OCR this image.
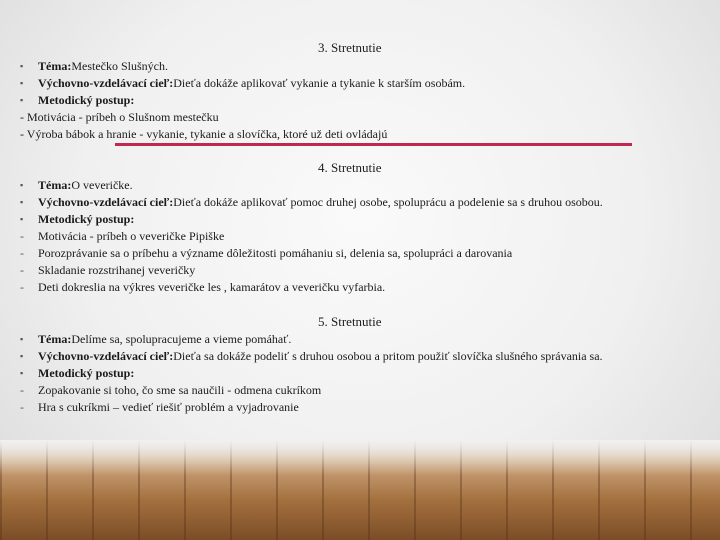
3. Stretnutie
▪	Téma: Mestečko Slušných.
▪	Výchovno-vzdelávací cieľ: Dieťa dokáže aplikovať vykanie a tykanie k starším osobám.
▪	Metodický postup:
- Motivácia - príbeh o Slušnom mestečku
- Výroba bábok a hranie - vykanie, tykanie a slovíčka, ktoré už deti ovládajú
4. Stretnutie
▪	Téma: O veveričke.
▪	Výchovno-vzdelávací cieľ: Dieťa dokáže aplikovať pomoc druhej osobe, spoluprácu a podelenie sa s druhou osobou.
▪	Metodický postup:
-	Motivácia - príbeh o veveričke Pipiške
-	Porozprávanie sa o príbehu a význame dôležitosti pomáhaniu si, delenia sa, spolupráci a darovania
-	Skladanie rozstrihanej veveričky
-	Deti dokreslia na výkres veveričke les , kamarátov a veveričku vyfarbia.
5. Stretnutie
▪	Téma: Delíme sa, spolupracujeme a vieme pomáhať.
▪	Výchovno-vzdelávací cieľ: Dieťa sa dokáže podeliť s druhou osobou a pritom použiť slovíčka slušného správania sa.
▪	Metodický postup:
-	Zopakovanie si toho, čo sme sa naučili - odmena cukríkom
-	Hra s cukríkmi – vedieť riešiť problém a vyjadrovanie
